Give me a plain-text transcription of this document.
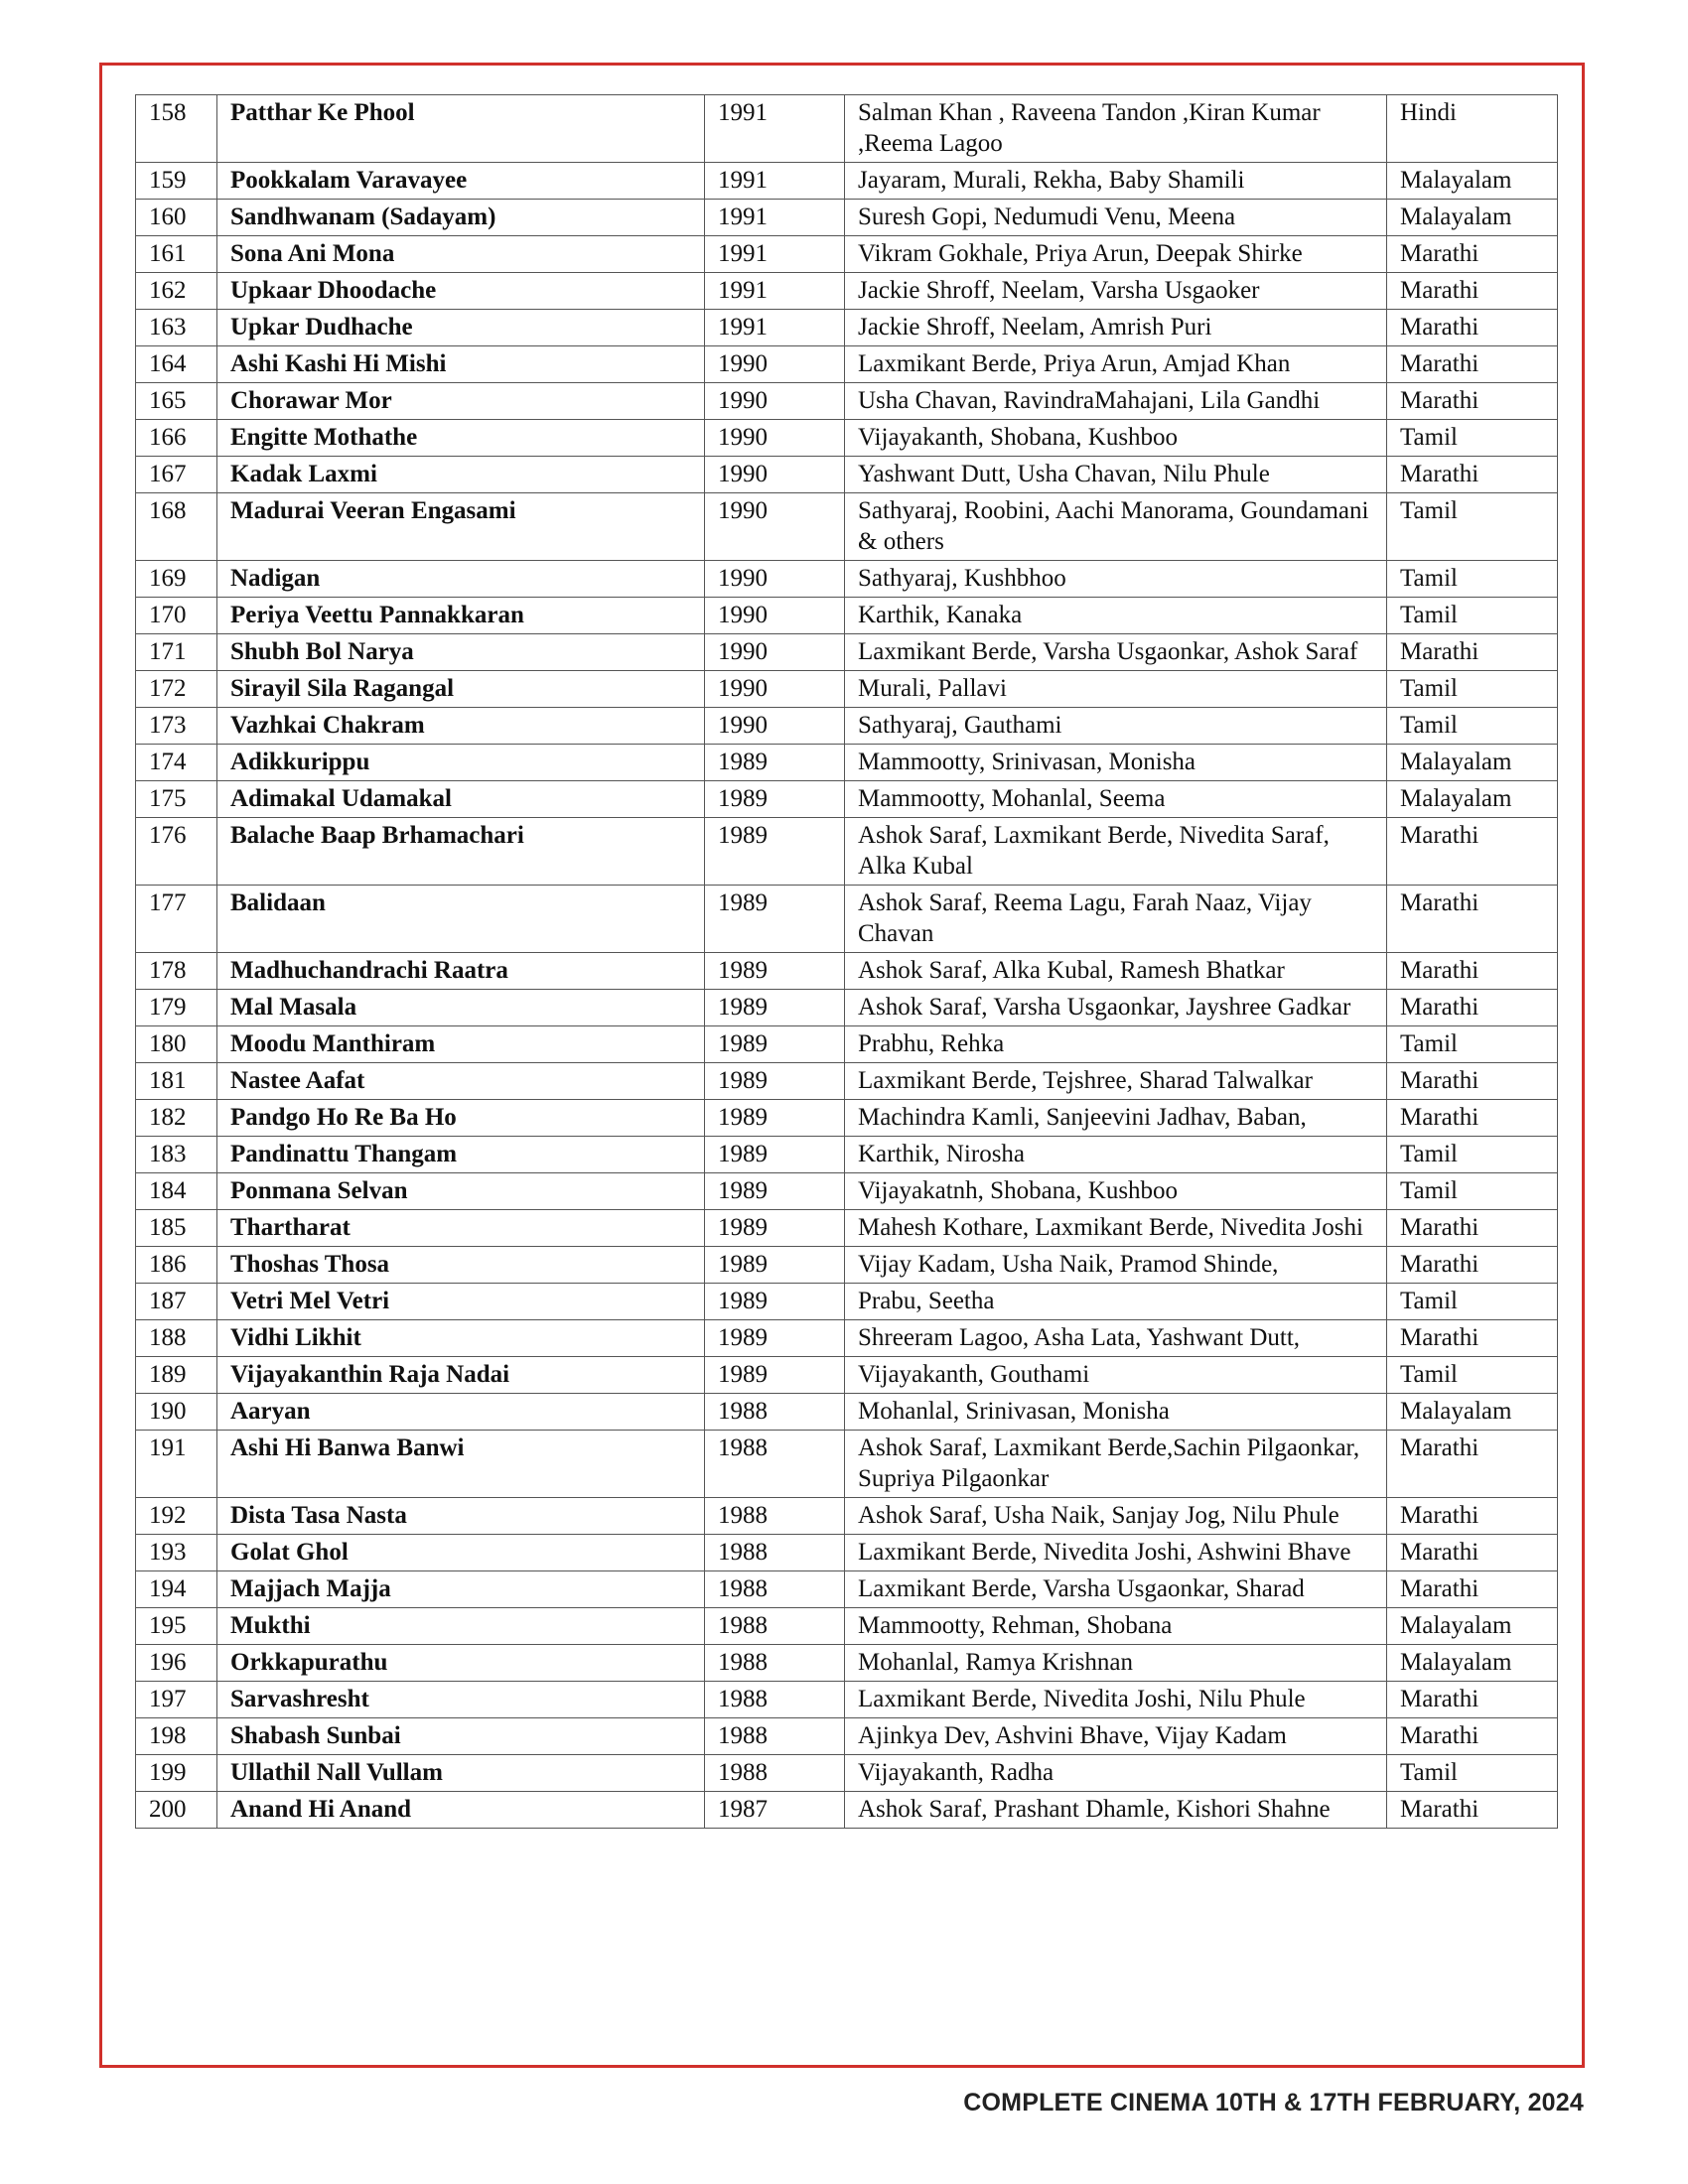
158	Patthar Ke Phool	1991	Salman Khan , Raveena Tandon ,Kiran Kumar ,Reema Lagoo	Hindi
159	Pookkalam Varavayee	1991	Jayaram, Murali, Rekha, Baby Shamili	Malayalam
160	Sandhwanam (Sadayam)	1991	Suresh Gopi, Nedumudi Venu, Meena	Malayalam
161	Sona Ani Mona	1991	Vikram Gokhale, Priya Arun, Deepak Shirke	Marathi
162	Upkaar Dhoodache	1991	Jackie Shroff, Neelam, Varsha Usgaoker	Marathi
163	Upkar Dudhache	1991	Jackie Shroff, Neelam, Amrish Puri	Marathi
164	Ashi Kashi Hi Mishi	1990	Laxmikant Berde, Priya Arun, Amjad Khan	Marathi
165	Chorawar Mor	1990	Usha Chavan, RavindraMahajani, Lila Gandhi	Marathi
166	Engitte Mothathe	1990	Vijayakanth, Shobana, Kushboo	Tamil
167	Kadak Laxmi	1990	Yashwant Dutt, Usha Chavan, Nilu Phule	Marathi
168	Madurai Veeran Engasami	1990	Sathyaraj, Roobini, Aachi Manorama, Goundamani & others	Tamil
169	Nadigan	1990	Sathyaraj, Kushbhoo	Tamil
170	Periya Veettu Pannakkaran	1990	Karthik, Kanaka	Tamil
171	Shubh Bol Narya	1990	Laxmikant Berde, Varsha Usgaonkar, Ashok Saraf	Marathi
172	Sirayil Sila Ragangal	1990	Murali, Pallavi	Tamil
173	Vazhkai Chakram	1990	Sathyaraj, Gauthami	Tamil
174	Adikkurippu	1989	Mammootty, Srinivasan, Monisha	Malayalam
175	Adimakal Udamakal	1989	Mammootty, Mohanlal, Seema	Malayalam
176	Balache Baap Brhamachari	1989	Ashok Saraf, Laxmikant Berde, Nivedita Saraf, Alka Kubal	Marathi
177	Balidaan	1989	Ashok Saraf, Reema Lagu, Farah Naaz, Vijay Chavan	Marathi
178	Madhuchandrachi Raatra	1989	Ashok Saraf, Alka Kubal, Ramesh Bhatkar	Marathi
179	Mal Masala	1989	Ashok Saraf, Varsha Usgaonkar, Jayshree Gadkar	Marathi
180	Moodu Manthiram	1989	Prabhu, Rehka	Tamil
181	Nastee Aafat	1989	Laxmikant Berde, Tejshree, Sharad Talwalkar	Marathi
182	Pandgo Ho Re Ba Ho	1989	Machindra Kamli, Sanjeevini Jadhav, Baban,	Marathi
183	Pandinattu Thangam	1989	Karthik, Nirosha	Tamil
184	Ponmana Selvan	1989	Vijayakatnh, Shobana, Kushboo	Tamil
185	Thartharat	1989	Mahesh Kothare, Laxmikant Berde, Nivedita Joshi	Marathi
186	Thoshas Thosa	1989	Vijay Kadam, Usha Naik, Pramod Shinde,	Marathi
187	Vetri Mel Vetri	1989	Prabu, Seetha	Tamil
188	Vidhi Likhit	1989	Shreeram Lagoo, Asha Lata, Yashwant Dutt,	Marathi
189	Vijayakanthin Raja Nadai	1989	Vijayakanth, Gouthami	Tamil
190	Aaryan	1988	Mohanlal, Srinivasan, Monisha	Malayalam
191	Ashi Hi Banwa Banwi	1988	Ashok Saraf, Laxmikant Berde,Sachin Pilgaonkar, Supriya Pilgaonkar	Marathi
192	Dista Tasa Nasta	1988	Ashok Saraf, Usha Naik, Sanjay Jog, Nilu Phule	Marathi
193	Golat Ghol	1988	Laxmikant Berde, Nivedita Joshi, Ashwini Bhave	Marathi
194	Majjach Majja	1988	Laxmikant Berde, Varsha Usgaonkar, Sharad	Marathi
195	Mukthi	1988	Mammootty, Rehman, Shobana	Malayalam
196	Orkkapurathu	1988	Mohanlal, Ramya Krishnan	Malayalam
197	Sarvashresht	1988	Laxmikant Berde, Nivedita Joshi, Nilu Phule	Marathi
198	Shabash Sunbai	1988	Ajinkya Dev, Ashvini Bhave, Vijay Kadam	Marathi
199	Ullathil Nall Vullam	1988	Vijayakanth, Radha	Tamil
200	Anand Hi Anand	1987	Ashok Saraf, Prashant Dhamle, Kishori Shahne	Marathi
COMPLETE CINEMA 10TH & 17TH FEBRUARY, 2024
